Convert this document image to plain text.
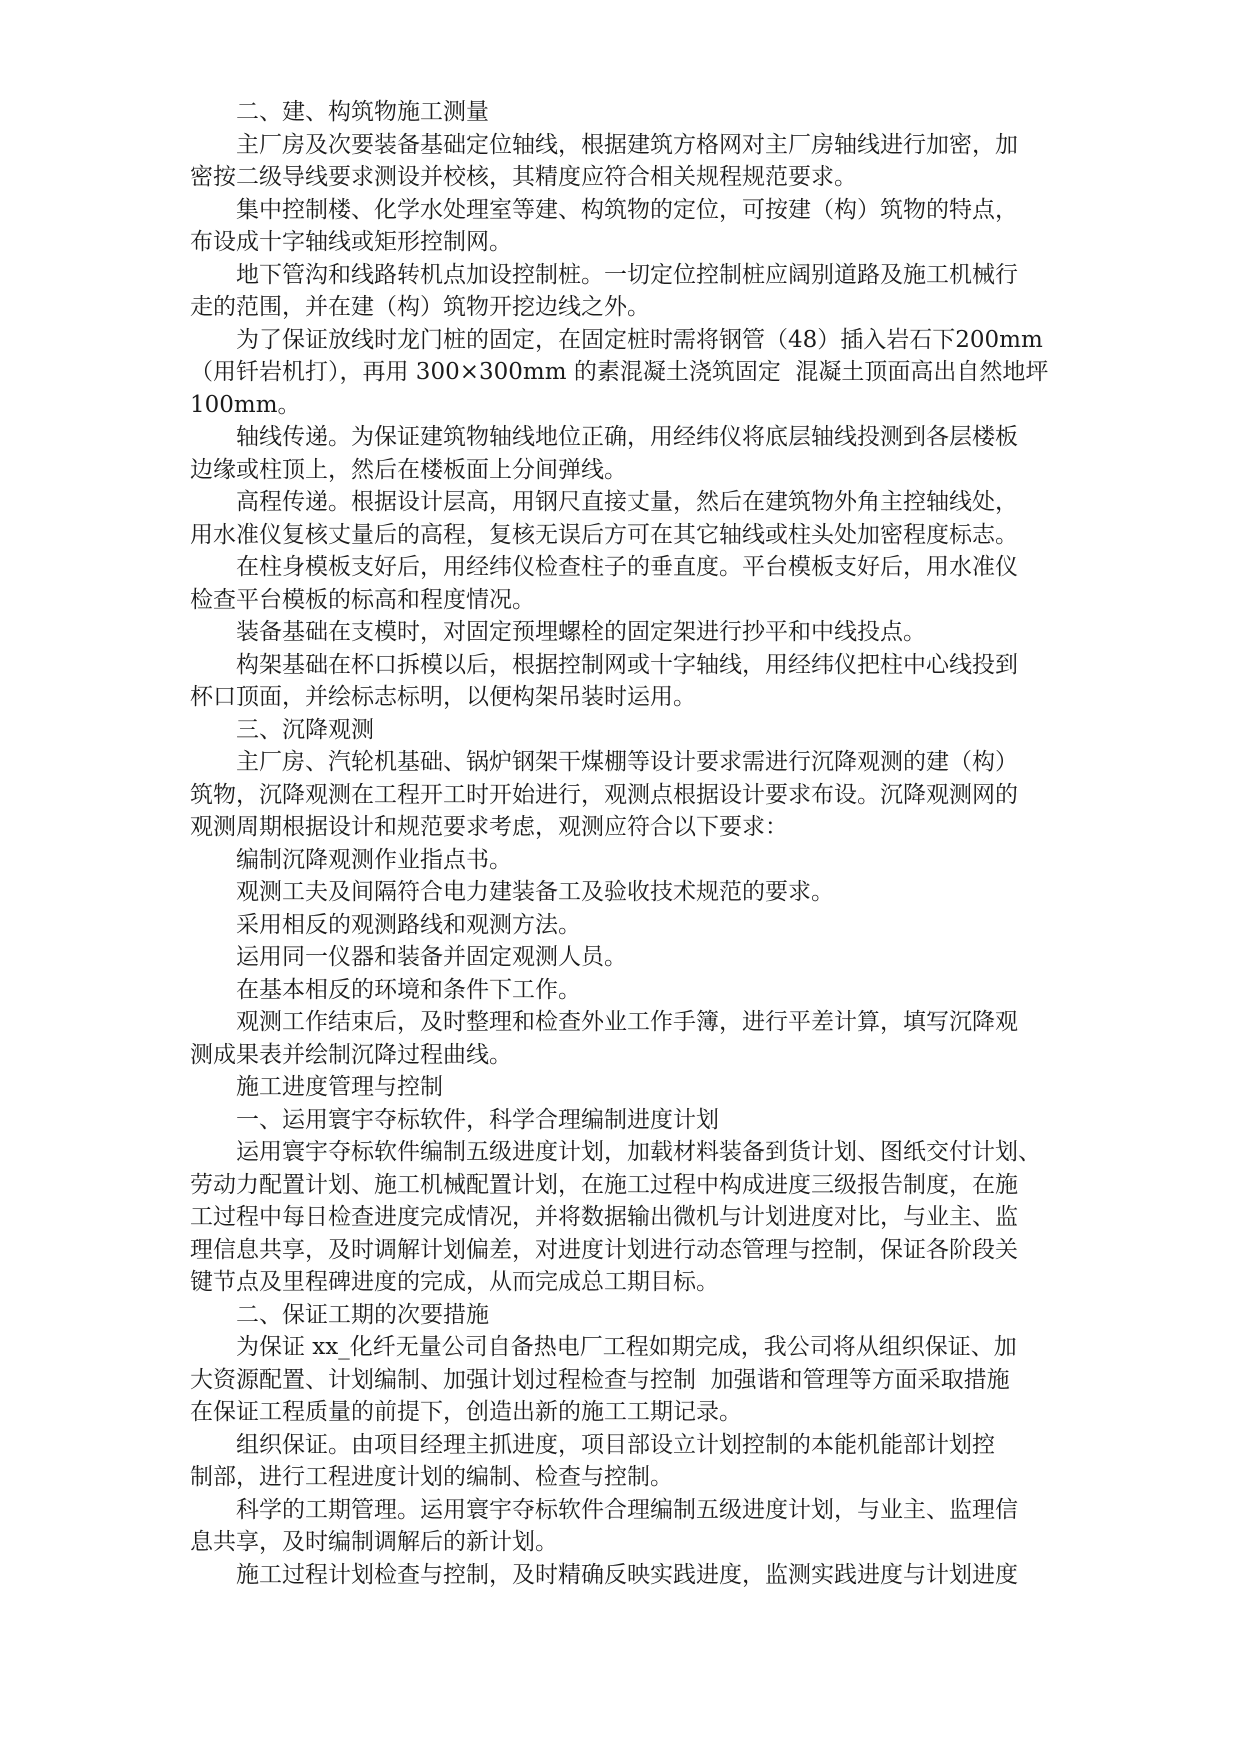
二、建、构筑物施工测量
主厂房及次要装备基础定位轴线，根据建筑方格网对主厂房轴线进行加密，加
密按二级导线要求测设并校核，其精度应符合相关规程规范要求。
集中控制楼、化学水处理室等建、构筑物的定位，可按建（构）筑物的特点，
布设成十字轴线或矩形控制网。
地下管沟和线路转机点加设控制桩。一切定位控制桩应阔别道路及施工机械行
走的范围，并在建（构）筑物开挖边线之外。
为了保证放线时龙门桩的固定，在固定桩时需将钢管（48）插入岩石下200mm
（用钎岩机打），再用 300×300mm 的素混凝土浇筑固定  混凝土顶面高出自然地坪
100mm。
轴线传递。为保证建筑物轴线地位正确，用经纬仪将底层轴线投测到各层楼板
边缘或柱顶上，然后在楼板面上分间弹线。
高程传递。根据设计层高，用钢尺直接丈量，然后在建筑物外角主控轴线处，
用水准仪复核丈量后的高程，复核无误后方可在其它轴线或柱头处加密程度标志。
在柱身模板支好后，用经纬仪检查柱子的垂直度。平台模板支好后，用水准仪
检查平台模板的标高和程度情况。
装备基础在支模时，对固定预埋螺栓的固定架进行抄平和中线投点。
构架基础在杯口拆模以后，根据控制网或十字轴线，用经纬仪把柱中心线投到
杯口顶面，并绘标志标明，以便构架吊装时运用。
三、沉降观测
主厂房、汽轮机基础、锅炉钢架干煤棚等设计要求需进行沉降观测的建（构）
筑物，沉降观测在工程开工时开始进行，观测点根据设计要求布设。沉降观测网的
观测周期根据设计和规范要求考虑，观测应符合以下要求：
编制沉降观测作业指点书。
观测工夫及间隔符合电力建装备工及验收技术规范的要求。
采用相反的观测路线和观测方法。
运用同一仪器和装备并固定观测人员。
在基本相反的环境和条件下工作。
观测工作结束后，及时整理和检查外业工作手簿，进行平差计算，填写沉降观
测成果表并绘制沉降过程曲线。
施工进度管理与控制
一、运用寰宇夺标软件，科学合理编制进度计划
运用寰宇夺标软件编制五级进度计划，加载材料装备到货计划、图纸交付计划、
劳动力配置计划、施工机械配置计划，在施工过程中构成进度三级报告制度，在施
工过程中每日检查进度完成情况，并将数据输出微机与计划进度对比，与业主、监
理信息共享，及时调解计划偏差，对进度计划进行动态管理与控制，保证各阶段关
键节点及里程碑进度的完成，从而完成总工期目标。
二、保证工期的次要措施
为保证 xx_化纤无量公司自备热电厂工程如期完成，我公司将从组织保证、加
大资源配置、计划编制、加强计划过程检查与控制  加强谐和管理等方面采取措施
在保证工程质量的前提下，创造出新的施工工期记录。
组织保证。由项目经理主抓进度，项目部设立计划控制的本能机能部计划控
制部，进行工程进度计划的编制、检查与控制。
科学的工期管理。运用寰宇夺标软件合理编制五级进度计划，与业主、监理信
息共享，及时编制调解后的新计划。
施工过程计划检查与控制，及时精确反映实践进度，监测实践进度与计划进度
